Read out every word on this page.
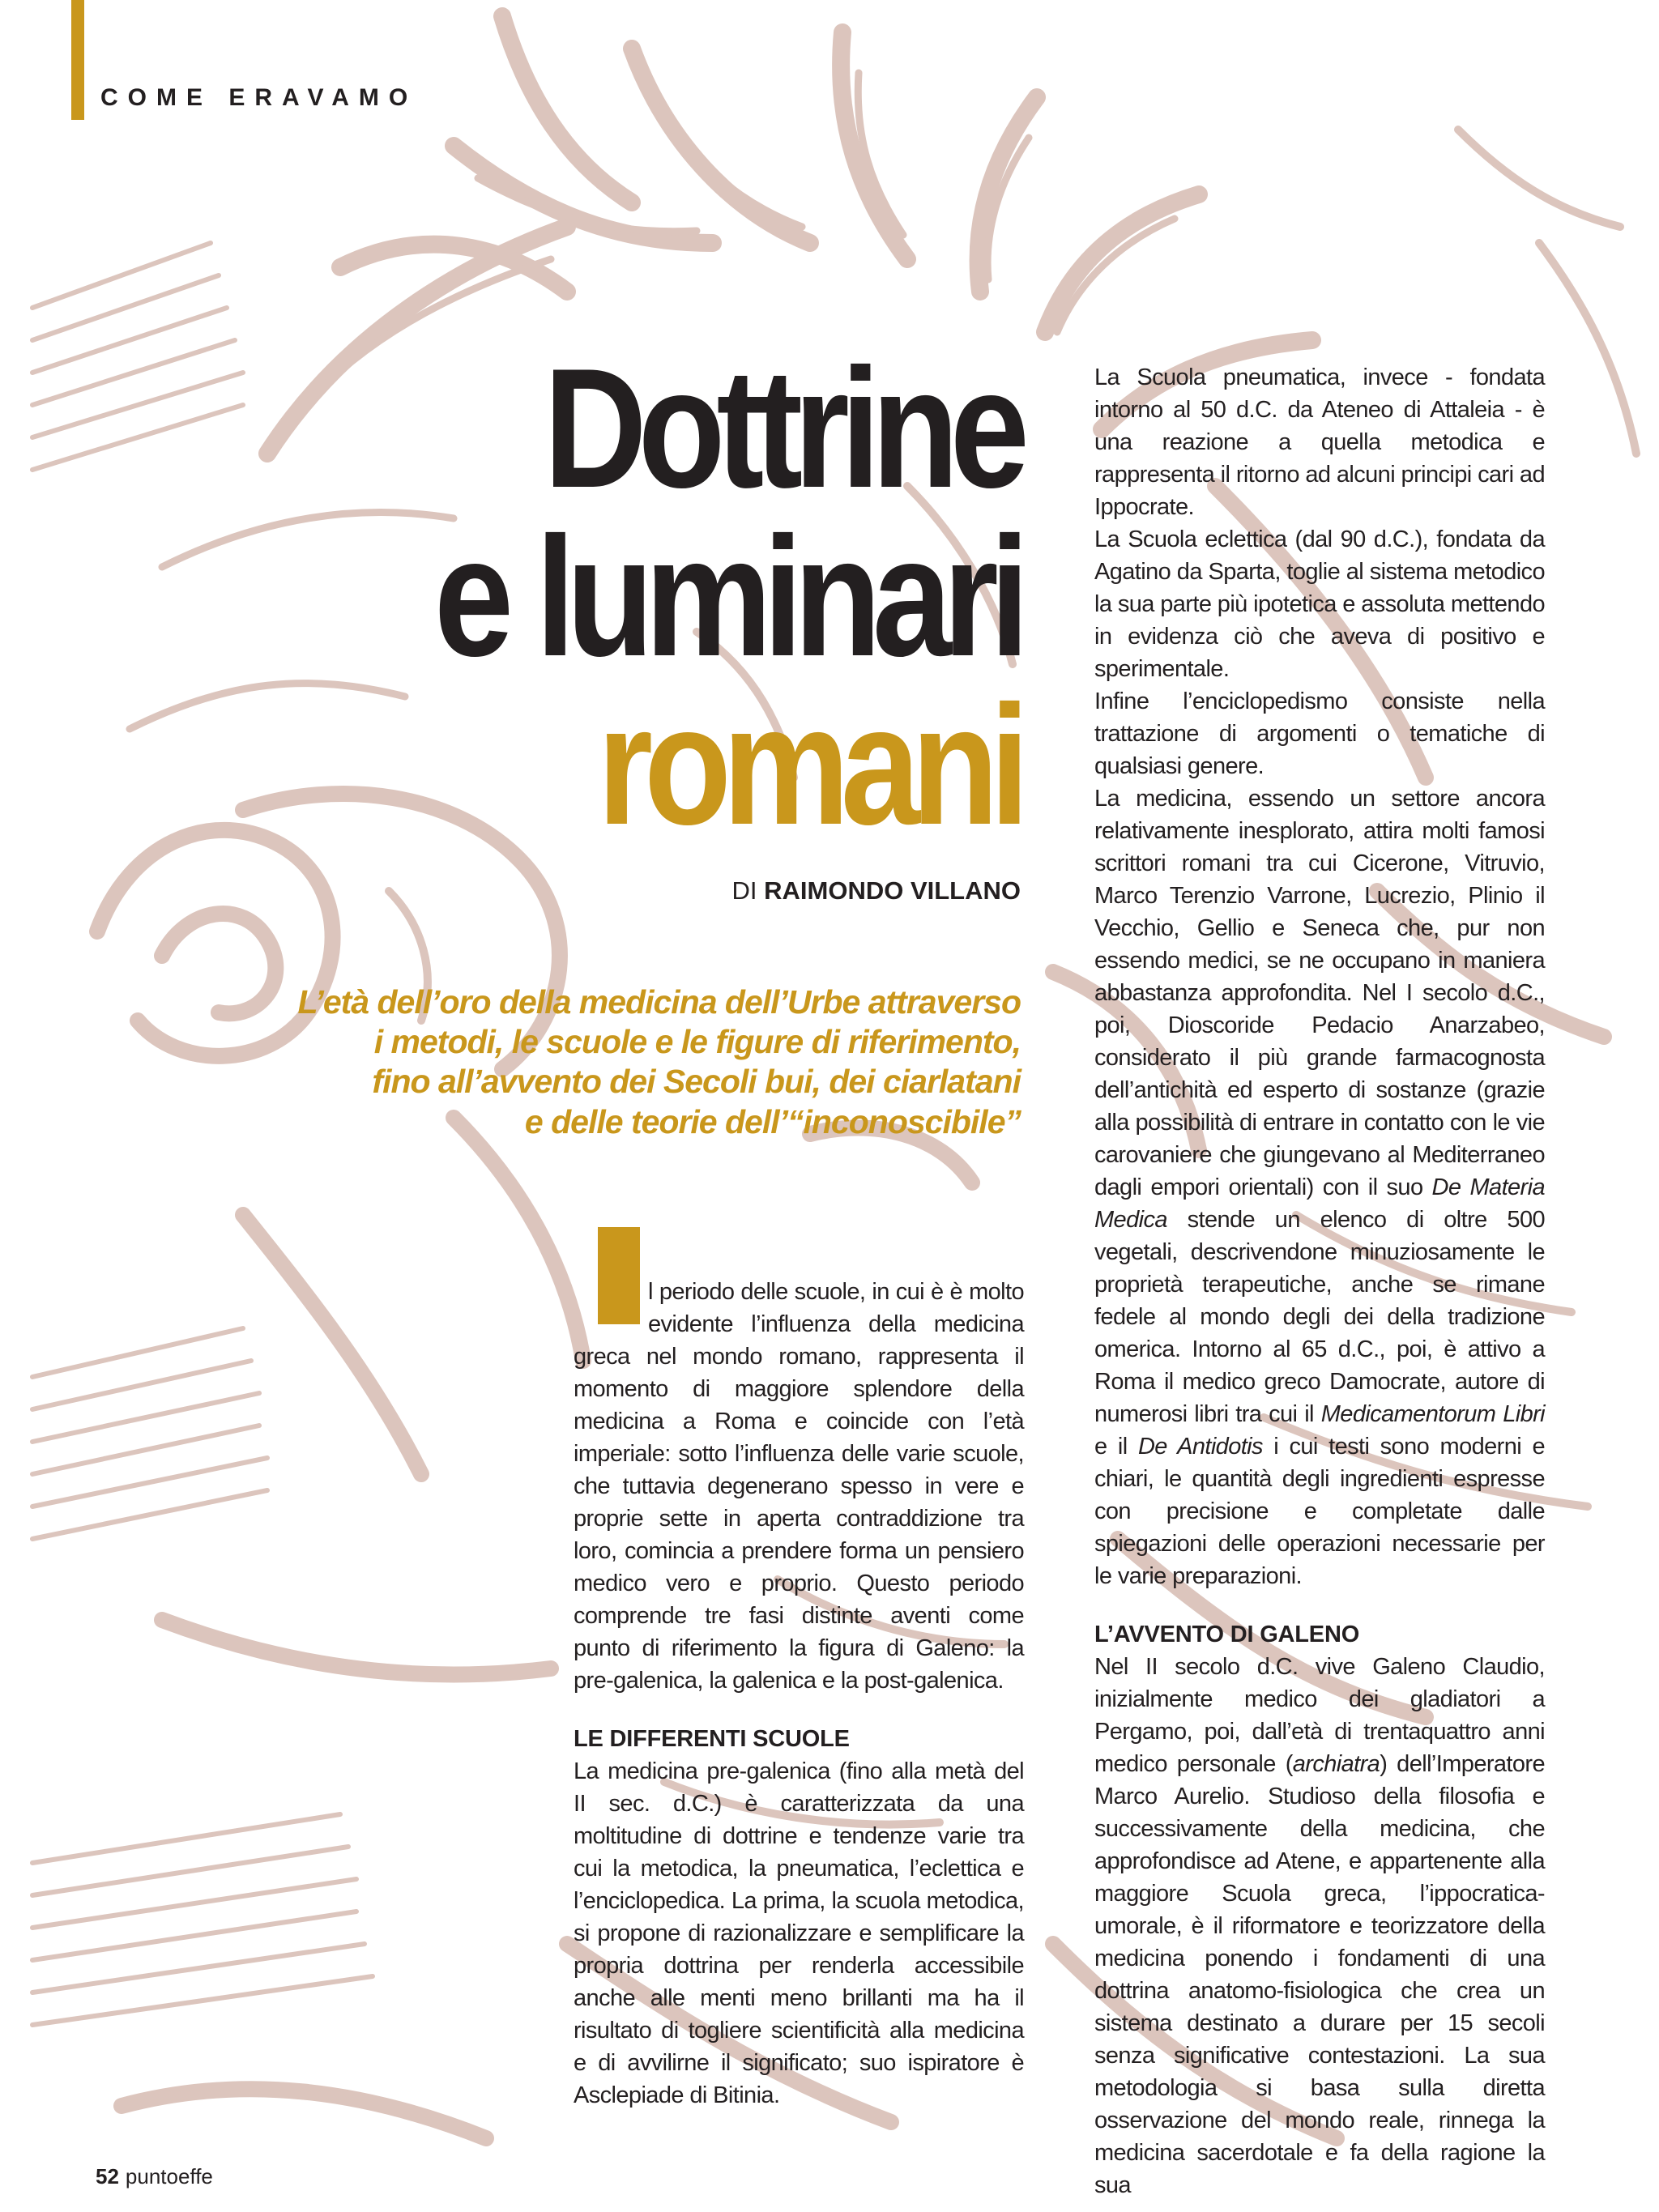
COME ERAVAMO
Dottrine
e luminari
romani
DI RAIMONDO VILLANO
L’età dell’oro della medicina dell’Urbe attraverso
i metodi, le scuole e le figure di riferimento,
fino all’avvento dei Secoli bui, dei ciarlatani
e delle teorie dell’“inconoscibile”

l periodo delle scuole, in cui è è molto evidente l’influenza della medicina greca nel mondo romano, rappresenta il momento di maggiore splendore della medicina a Roma e coincide con l’età imperiale: sotto l’influenza delle varie scuole, che tuttavia degenerano spesso in vere e proprie sette in aperta contraddizione tra loro, comincia a prendere forma un pensiero medico vero e proprio. Questo periodo comprende tre fasi distinte aventi come punto di riferimento la figura di Galeno: la pre-galenica, la galenica e la post-galenica.

LE DIFFERENTI SCUOLE

La medicina pre-galenica (fino alla metà del II sec. d.C.) è caratterizzata da una moltitudine di dottrine e tendenze varie tra cui la metodica, la pneumatica, l’eclettica e l’enciclopedica. La prima, la scuola metodica, si propone di razionalizzare e semplificare la propria dottrina per renderla accessibile anche alle menti meno brillanti ma ha il risultato di togliere scientificità alla medicina e di avvilirne il significato; suo ispiratore è Asclepiade di Bitinia.

La Scuola pneumatica, invece - fondata intorno al 50 d.C. da Ateneo di Attaleia - è una reazione a quella metodica e rappresenta il ritorno ad alcuni principi cari ad Ippocrate.

La Scuola eclettica (dal 90 d.C.), fondata da Agatino da Sparta, toglie al sistema metodico la sua parte più ipotetica e assoluta mettendo in evidenza ciò che aveva di positivo e sperimentale.

Infine l’enciclopedismo consiste nella trattazione di argomenti o tematiche di qualsiasi genere.

La medicina, essendo un settore ancora relativamente inesplorato, attira molti famosi scrittori romani tra cui Cicerone, Vitruvio, Marco Terenzio Varrone, Lucrezio, Plinio il Vecchio, Gellio e Seneca che, pur non essendo medici, se ne occupano in maniera abbastanza approfondita. Nel I secolo d.C., poi, Dioscoride Pedacio Anarzabeo, considerato il più grande farmacognosta dell’antichità ed esperto di sostanze (grazie alla possibilità di entrare in contatto con le vie carovaniere che giungevano al Mediterraneo dagli empori orientali) con il suo De Materia Medica stende un elenco di oltre 500 vegetali, descrivendone minuziosamente le proprietà terapeutiche, anche se rimane fedele al mondo degli dei della tradizione omerica. Intorno al 65 d.C., poi, è attivo a Roma il medico greco Damocrate, autore di numerosi libri tra cui il Medicamentorum Libri e il De Antidotis i cui testi sono moderni e chiari, le quantità degli ingredienti espresse con precisione e completate dalle spiegazioni delle operazioni necessarie per le varie preparazioni.

L’AVVENTO DI GALENO

Nel II secolo d.C. vive Galeno Claudio, inizialmente medico dei gladiatori a Pergamo, poi, dall’età di trentaquattro anni medico personale (archiatra) dell’Imperatore Marco Aurelio. Studioso della filosofia e successivamente della medicina, che approfondisce ad Atene, e appartenente alla maggiore Scuola greca, l’ippocratica-umorale, è il riformatore e teorizzatore della medicina ponendo i fondamenti di una dottrina anatomo-fisiologica che crea un sistema destinato a durare per 15 secoli senza significative contestazioni. La sua metodologia si basa sulla diretta osservazione del mondo reale, rinnega la medicina sacerdotale e fa della ragione la sua

52 puntoeffe
